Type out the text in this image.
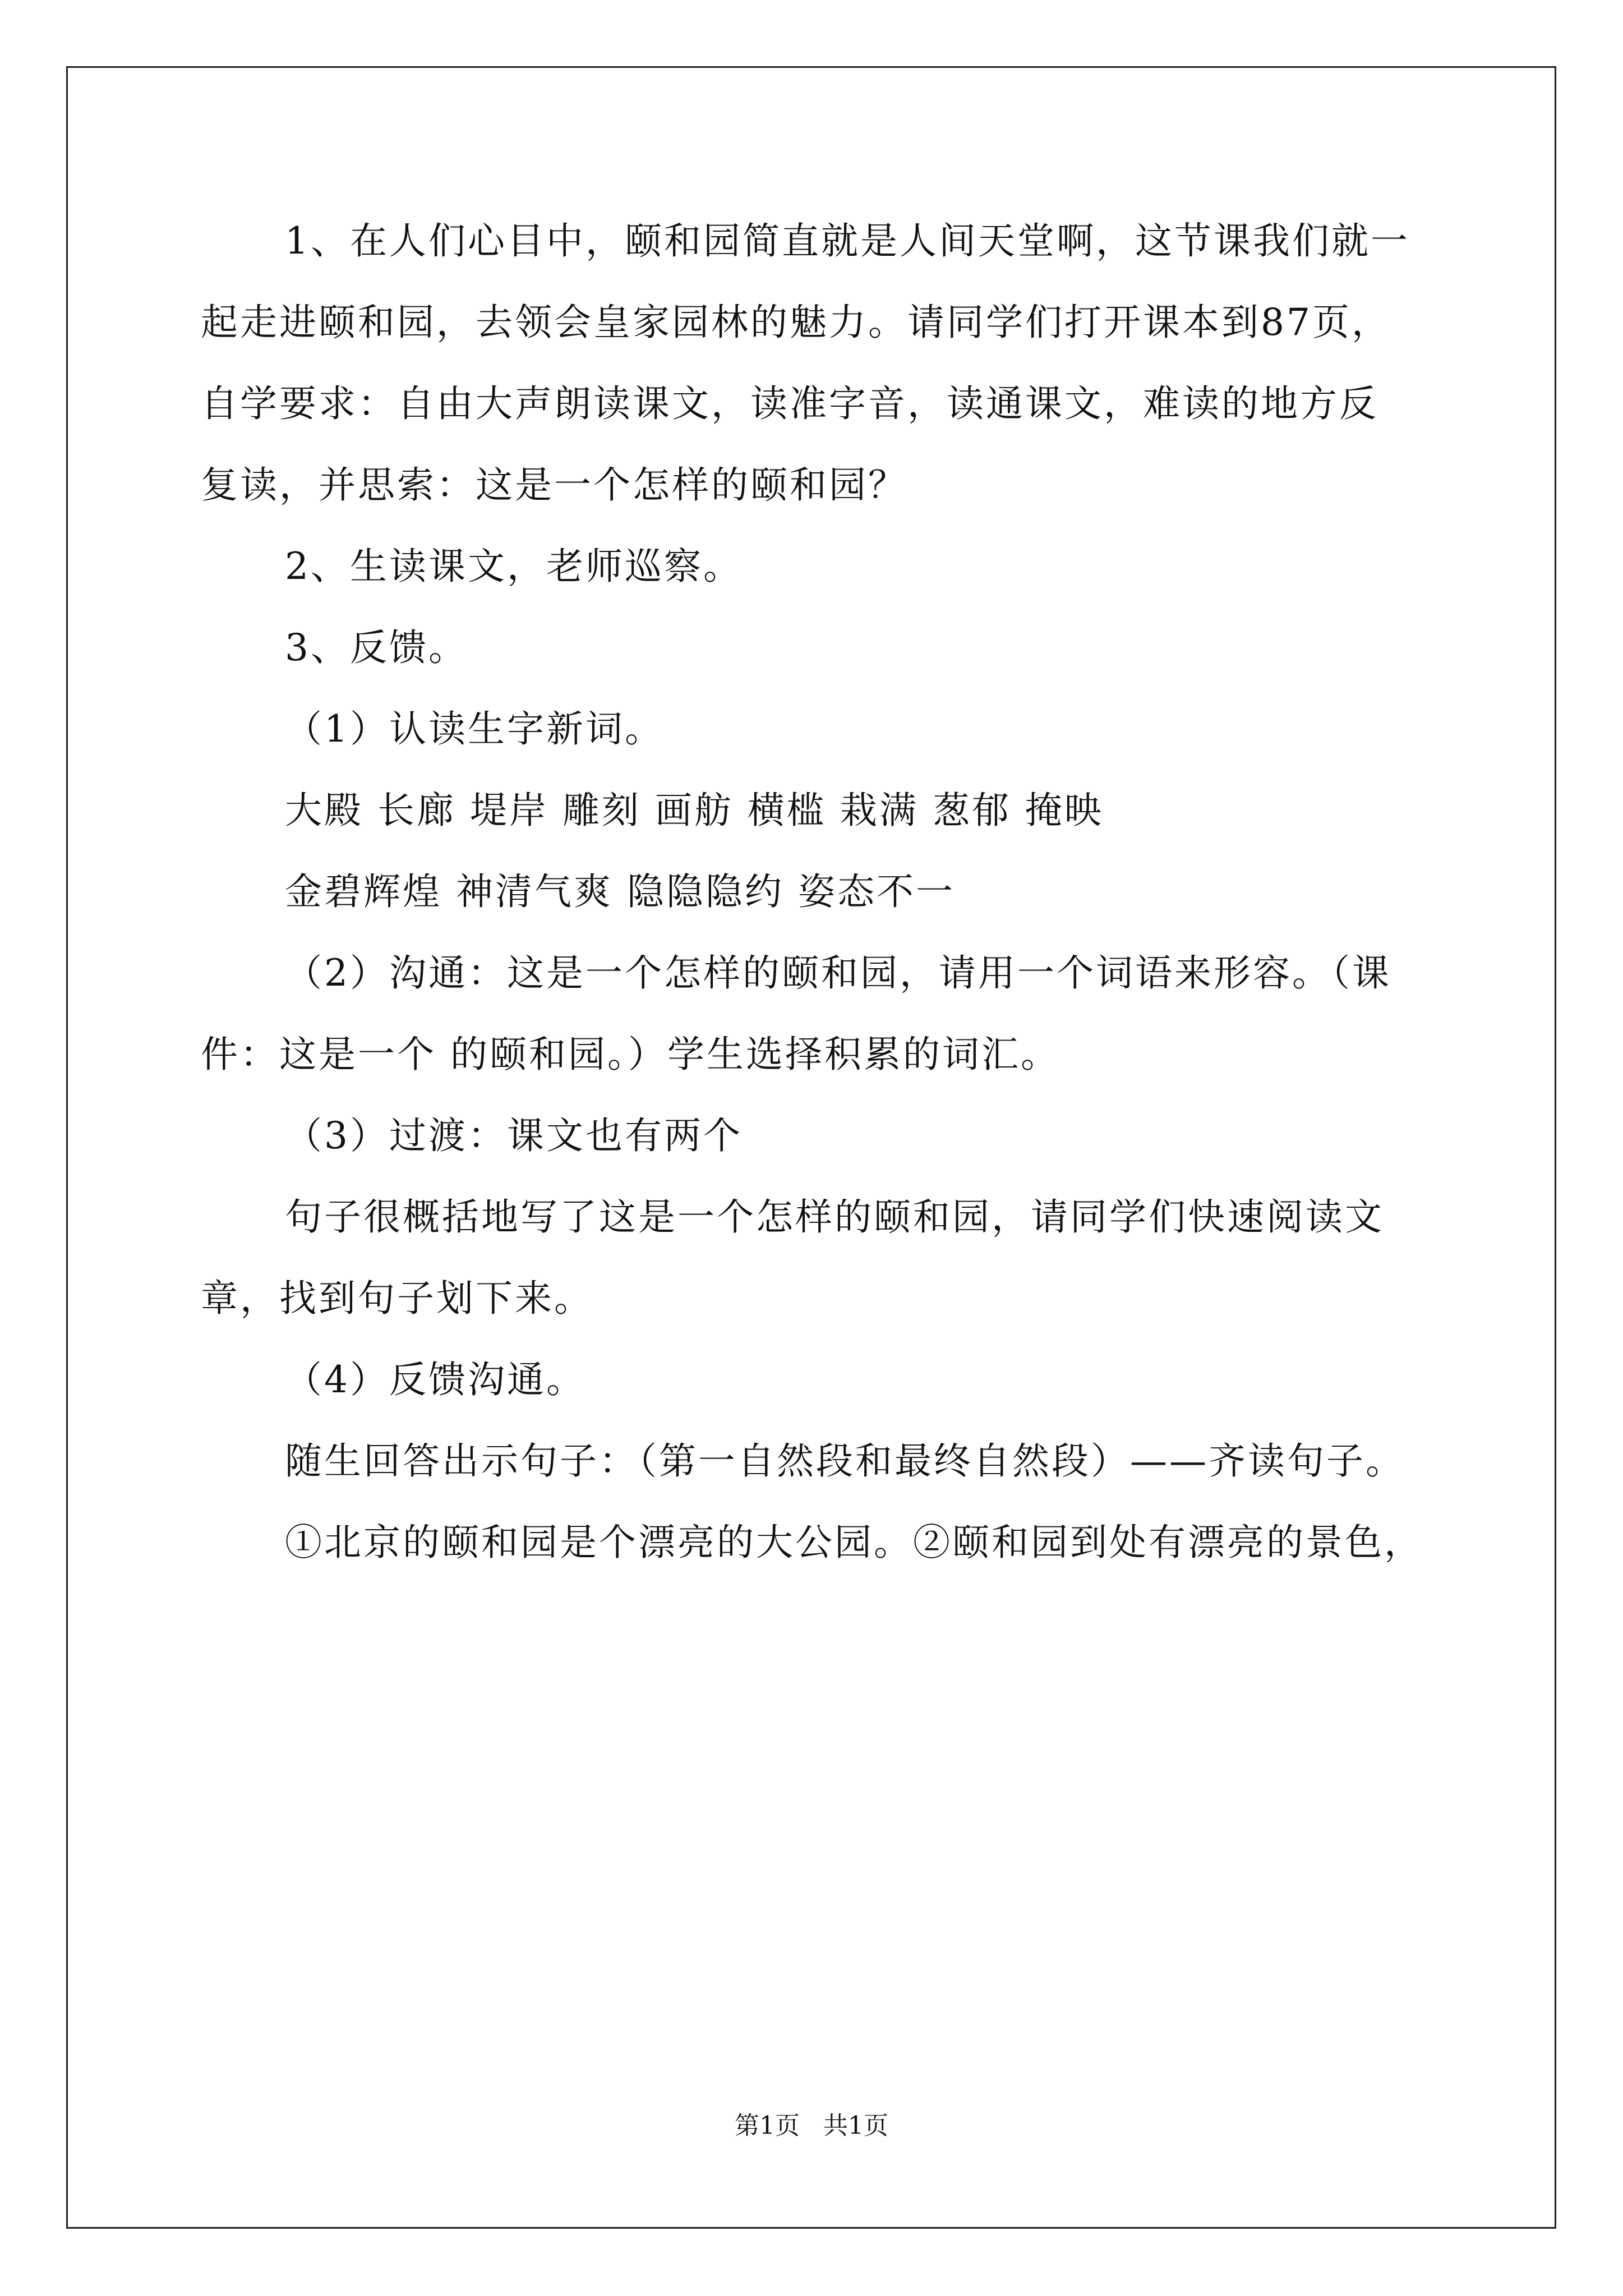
1、在人们心目中，颐和园简直就是人间天堂啊，这节课我们就一
起走进颐和园，去领会皇家园林的魅力。请同学们打开课本到87页，
自学要求：自由大声朗读课文，读准字音，读通课文，难读的地方反
复读，并思索：这是一个怎样的颐和园？
2、生读课文，老师巡察。
3、反馈。
（1）认读生字新词。
大殿 长廊 堤岸 雕刻 画舫 横槛 栽满 葱郁 掩映
金碧辉煌 神清气爽 隐隐隐约 姿态不一
（2）沟通：这是一个怎样的颐和园，请用一个词语来形容。（课
件：这是一个 的颐和园。）学生选择积累的词汇。
（3）过渡：课文也有两个
句子很概括地写了这是一个怎样的颐和园，请同学们快速阅读文
章，找到句子划下来。
（4）反馈沟通。
随生回答出示句子：（第一自然段和最终自然段）——齐读句子。
①北京的颐和园是个漂亮的大公园。②颐和园到处有漂亮的景色，
第1页   共1页
